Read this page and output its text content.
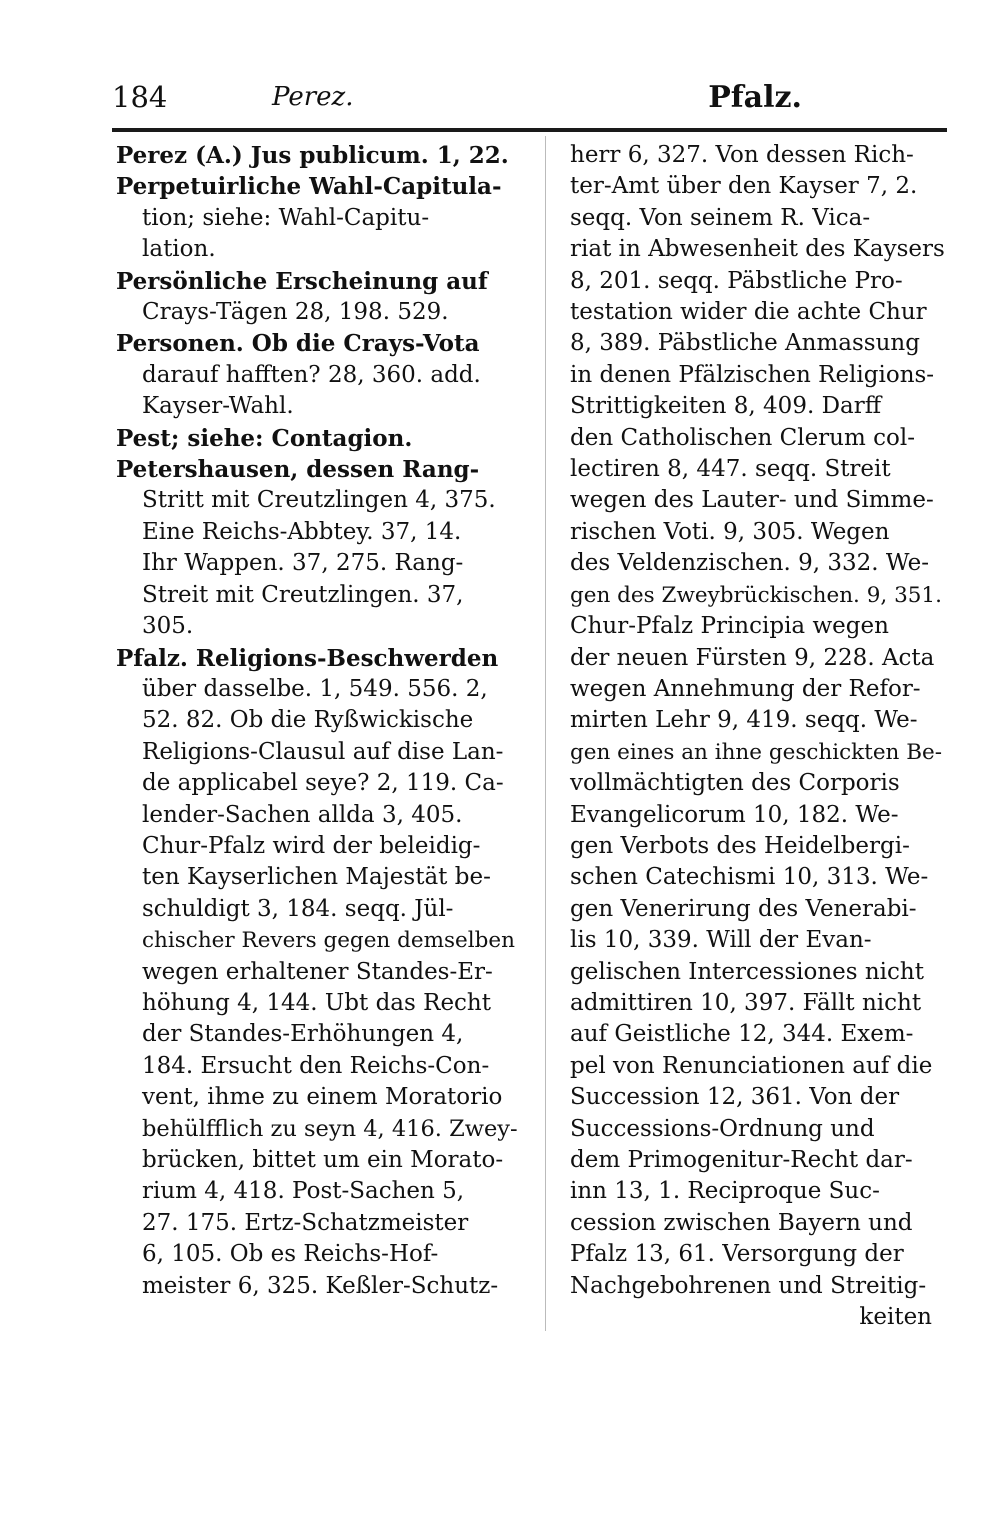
184	Perez.	Pfalz.
Perez (A.) Jus publicum. 1, 22.
Perpetuirliche Wahl-Capitula-
tion; siehe: Wahl-Capitu-
lation.
Persönliche Erscheinung auf
Crays-Tägen 28, 198. 529.
Personen. Ob die Crays-Vota
darauf hafften? 28, 360. add.
Kayser-Wahl.
Pest; siehe: Contagion.
Petershausen, dessen Rang-
Stritt mit Creutzlingen 4, 375.
Eine Reichs-Abbtey. 37, 14.
Ihr Wappen. 37, 275. Rang-
Streit mit Creutzlingen. 37,
305.
Pfalz. Religions-Beschwerden
über dasselbe. 1, 549. 556. 2,
52. 82. Ob die Ryßwickische
Religions-Clausul auf dise Lan-
de applicabel seye? 2, 119. Ca-
lender-Sachen allda 3, 405.
Chur-Pfalz wird der beleidig-
ten Kayserlichen Majestät be-
schuldigt 3, 184. seqq. Jül-
chischer Revers gegen demselben
wegen erhaltener Standes-Er-
höhung 4, 144. Ubt das Recht
der Standes-Erhöhungen 4,
184. Ersucht den Reichs-Con-
vent, ihme zu einem Moratorio
behülfflich zu seyn 4, 416. Zwey-
brücken, bittet um ein Morato-
rium 4, 418. Post-Sachen 5,
27. 175. Ertz-Schatzmeister
6, 105. Ob es Reichs-Hof-
meister 6, 325. Keßler-Schutz-
herr 6, 327. Von dessen Rich-
ter-Amt über den Kayser 7, 2.
seqq. Von seinem R. Vica-
riat in Abwesenheit des Kaysers
8, 201. seqq. Päbstliche Pro-
testation wider die achte Chur
8, 389. Päbstliche Anmassung
in denen Pfälzischen Religions-
Strittigkeiten 8, 409. Darff
den Catholischen Clerum col-
lectiren 8, 447. seqq. Streit
wegen des Lauter- und Simme-
rischen Voti. 9, 305. Wegen
des Veldenzischen. 9, 332. We-
gen des Zweybrückischen. 9, 351.
Chur-Pfalz Principia wegen
der neuen Fürsten 9, 228. Acta
wegen Annehmung der Refor-
mirten Lehr 9, 419. seqq. We-
gen eines an ihne geschickten Be-
vollmächtigten des Corporis
Evangelicorum 10, 182. We-
gen Verbots des Heidelbergi-
schen Catechismi 10, 313. We-
gen Venerirung des Venerabi-
lis 10, 339. Will der Evan-
gelischen Intercessiones nicht
admittiren 10, 397. Fällt nicht
auf Geistliche 12, 344. Exem-
pel von Renunciationen auf die
Succession 12, 361. Von der
Successions-Ordnung und
dem Primogenitur-Recht dar-
inn 13, 1. Reciproque Suc-
cession zwischen Bayern und
Pfalz 13, 61. Versorgung der
Nachgebohrenen und Streitig-
keiten
